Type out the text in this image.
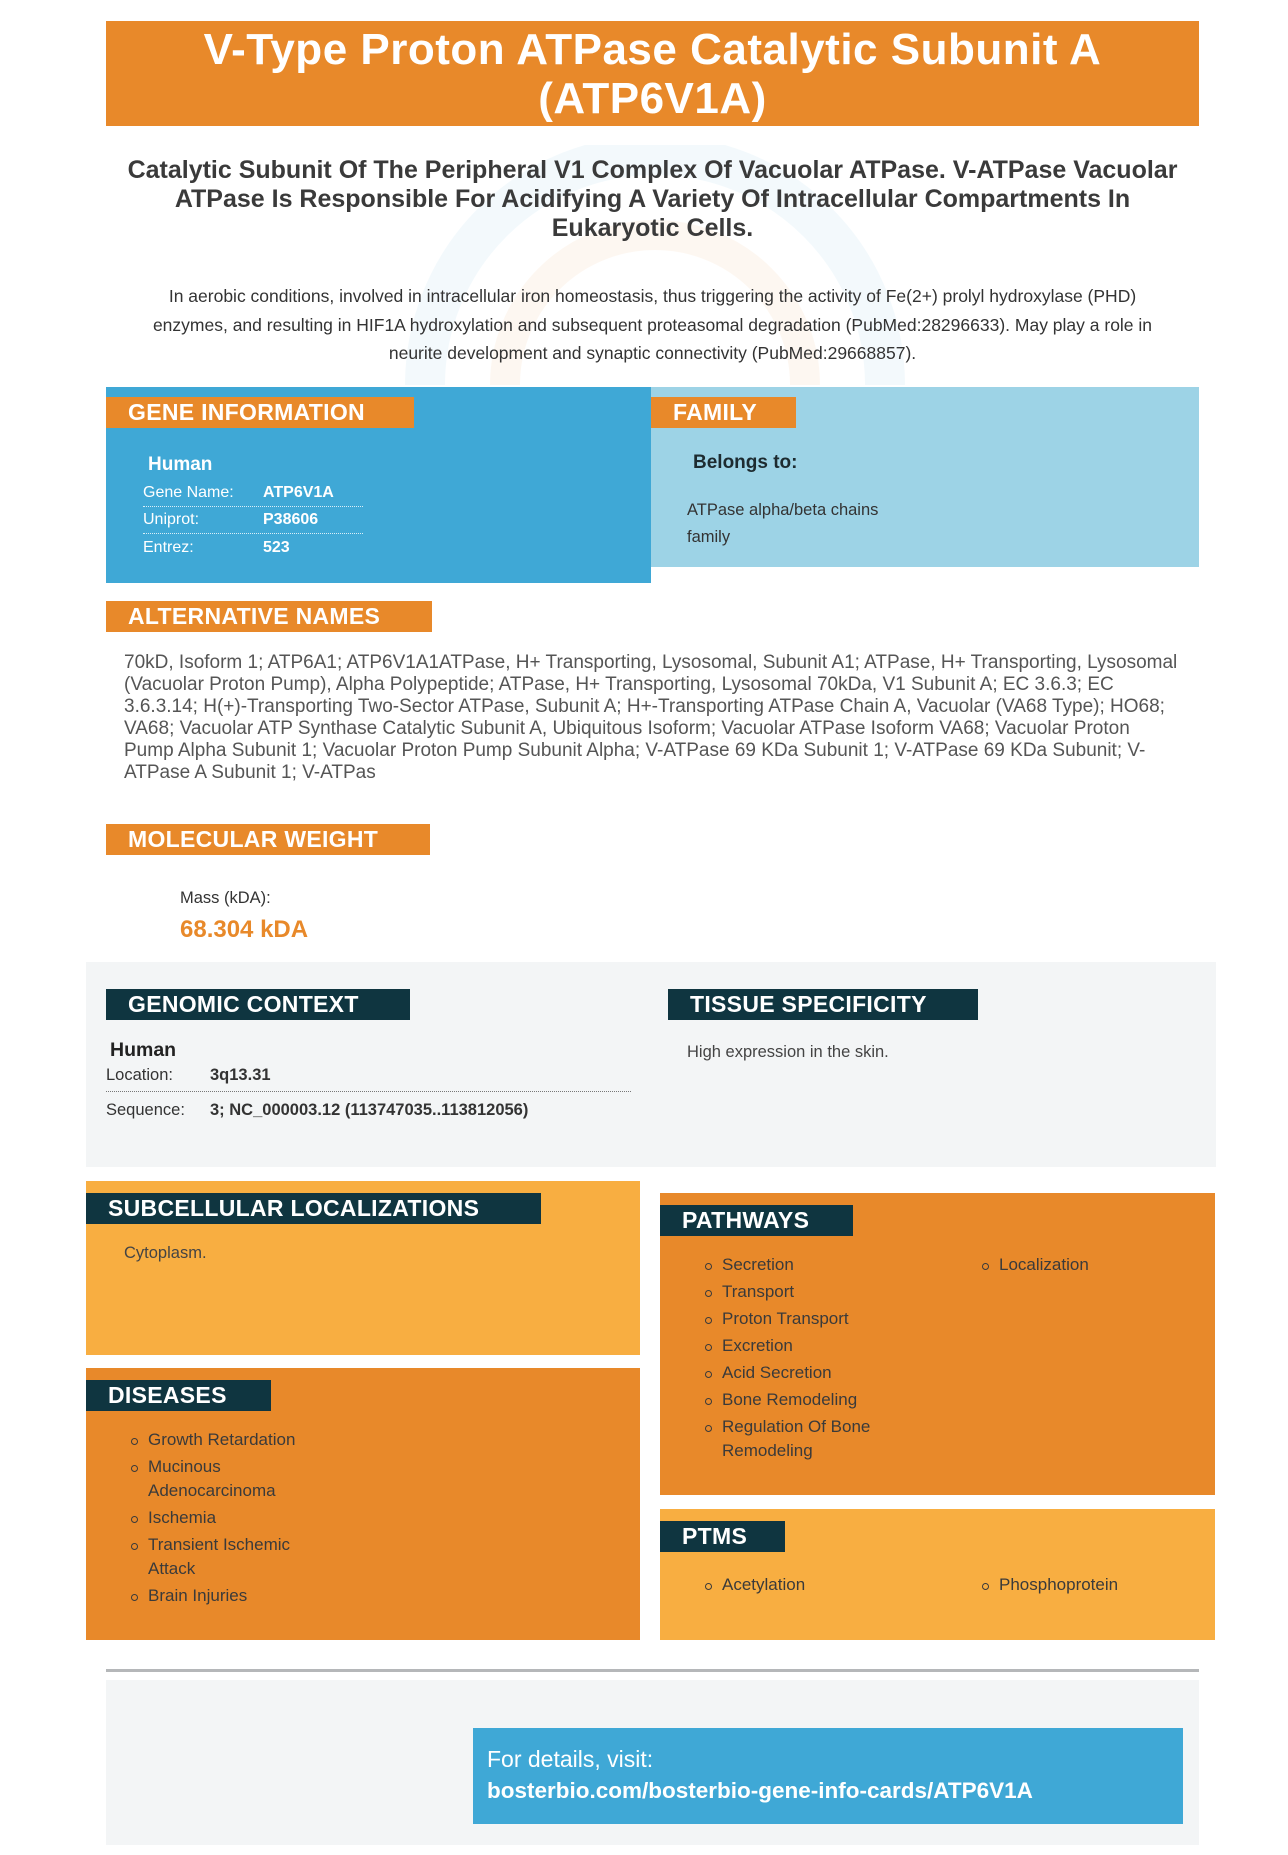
V-Type Proton ATPase Catalytic Subunit A (ATP6V1A)
Catalytic Subunit Of The Peripheral V1 Complex Of Vacuolar ATPase. V-ATPase Vacuolar ATPase Is Responsible For Acidifying A Variety Of Intracellular Compartments In Eukaryotic Cells.
In aerobic conditions, involved in intracellular iron homeostasis, thus triggering the activity of Fe(2+) prolyl hydroxylase (PHD) enzymes, and resulting in HIF1A hydroxylation and subsequent proteasomal degradation (PubMed:28296633). May play a role in neurite development and synaptic connectivity (PubMed:29668857).
GENE INFORMATION
Human
Gene Name:	ATP6V1A
Uniprot:	P38606
Entrez:	523
FAMILY
Belongs to:
ATPase alpha/beta chains
family
ALTERNATIVE NAMES
70kD, Isoform 1; ATP6A1; ATP6V1A1ATPase, H+ Transporting, Lysosomal, Subunit A1; ATPase, H+ Transporting, Lysosomal (Vacuolar Proton Pump), Alpha Polypeptide; ATPase, H+ Transporting, Lysosomal 70kDa, V1 Subunit A; EC 3.6.3; EC 3.6.3.14; H(+)-Transporting Two-Sector ATPase, Subunit A; H+-Transporting ATPase Chain A, Vacuolar (VA68 Type); HO68; VA68; Vacuolar ATP Synthase Catalytic Subunit A, Ubiquitous Isoform; Vacuolar ATPase Isoform VA68; Vacuolar Proton Pump Alpha Subunit 1; Vacuolar Proton Pump Subunit Alpha; V-ATPase 69 KDa Subunit 1; V-ATPase 69 KDa Subunit; V-ATPase A Subunit 1; V-ATPas
MOLECULAR WEIGHT
Mass (kDA):
68.304 kDA
GENOMIC CONTEXT
Human
Location:	3q13.31
Sequence:	3; NC_000003.12 (113747035..113812056)
TISSUE SPECIFICITY
High expression in the skin.
SUBCELLULAR LOCALIZATIONS
Cytoplasm.
DISEASES
Growth Retardation
Mucinous Adenocarcinoma
Ischemia
Transient Ischemic Attack
Brain Injuries
PATHWAYS
Secretion
Transport
Proton Transport
Excretion
Acid Secretion
Bone Remodeling
Regulation Of Bone Remodeling
Localization
PTMS
Acetylation	Phosphoprotein
For details, visit:
bosterbio.com/bosterbio-gene-info-cards/ATP6V1A
